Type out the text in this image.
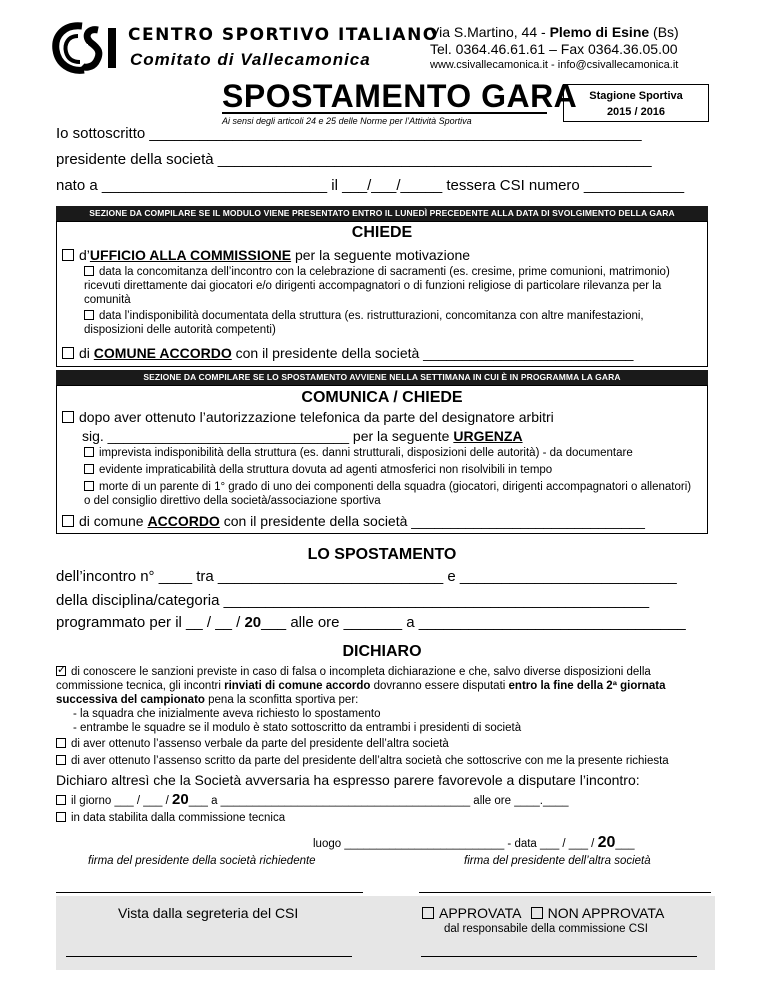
CENTRO SPORTIVO ITALIANO
Comitato di Vallecamonica
Via S.Martino, 44 - Plemo di Esine (Bs)
Tel. 0364.46.61.61 – Fax 0364.36.05.00
www.csivallecamonica.it - info@csivallecamonica.it
SPOSTAMENTO GARA
Ai sensi degli articoli 24 e 25 delle Norme per l’Attività Sportiva
Stagione Sportiva
2015 / 2016
Io sottoscritto ___________________________________________________________
presidente della società ____________________________________________________
nato a ___________________________ il ___/___/_____ tessera CSI numero ____________
SEZIONE DA COMPILARE SE IL MODULO VIENE PRESENTATO ENTRO IL LUNEDÌ PRECEDENTE ALLA DATA DI SVOLGIMENTO DELLA GARA
CHIEDE
d’UFFICIO ALLA COMMISSIONE per la seguente motivazione
data la concomitanza dell’incontro con la celebrazione di sacramenti (es. cresime, prime comunioni, matrimonio) ricevuti direttamente dai giocatori e/o dirigenti accompagnatori o di funzioni religiose di particolare rilevanza per la comunità
data l’indisponibilità documentata della struttura (es. ristrutturazioni, concomitanza con altre manifestazioni, disposizioni delle autorità competenti)
di COMUNE ACCORDO con il presidente della società ___________________________
SEZIONE DA COMPILARE SE LO SPOSTAMENTO AVVIENE NELLA SETTIMANA IN CUI È IN PROGRAMMA LA GARA
COMUNICA / CHIEDE
dopo aver ottenuto l’autorizzazione telefonica da parte del designatore arbitri
sig. _______________________________ per la seguente URGENZA
imprevista indisponibilità della struttura (es. danni strutturali, disposizioni delle autorità) - da documentare
evidente impraticabilità della struttura dovuta ad agenti atmosferici non risolvibili in tempo
morte di un parente di 1° grado di uno dei componenti della squadra (giocatori, dirigenti accompagnatori o allenatori) o del consiglio direttivo della società/associazione sportiva
di comune ACCORDO con il presidente della società ______________________________
LO SPOSTAMENTO
dell’incontro n° ____ tra ___________________________ e __________________________
della disciplina/categoria ___________________________________________________
programmato per il __ / __ / 20___ alle ore _______ a ________________________________
DICHIARO
✓di conoscere le sanzioni previste in caso di falsa o incompleta dichiarazione e che, salvo diverse disposizioni della commissione tecnica, gli incontri rinviati di comune accordo dovranno essere disputati entro la fine della 2ª giornata successiva del campionato pena la sconfitta sportiva per:
- la squadra che inizialmente aveva richiesto lo spostamento
- entrambe le squadre se il modulo è stato sottoscritto da entrambi i presidenti di società
di aver ottenuto l’assenso verbale da parte del presidente dell’altra società
di aver ottenuto l’assenso scritto da parte del presidente dell’altra società che sottoscrive con me la presente richiesta
Dichiaro altresì che la Società avversaria ha espresso parere favorevole a disputare l’incontro:
il giorno ___ / ___ / 20___ a _______________________________________ alle ore ____.____
in data stabilita dalla commissione tecnica
luogo _________________________ - data ___ / ___ / 20___
firma del presidente della società richiedente	firma del presidente dell’altra società
Vista dalla segreteria del CSI	APPROVATA NON APPROVATA
dal responsabile della commissione CSI
